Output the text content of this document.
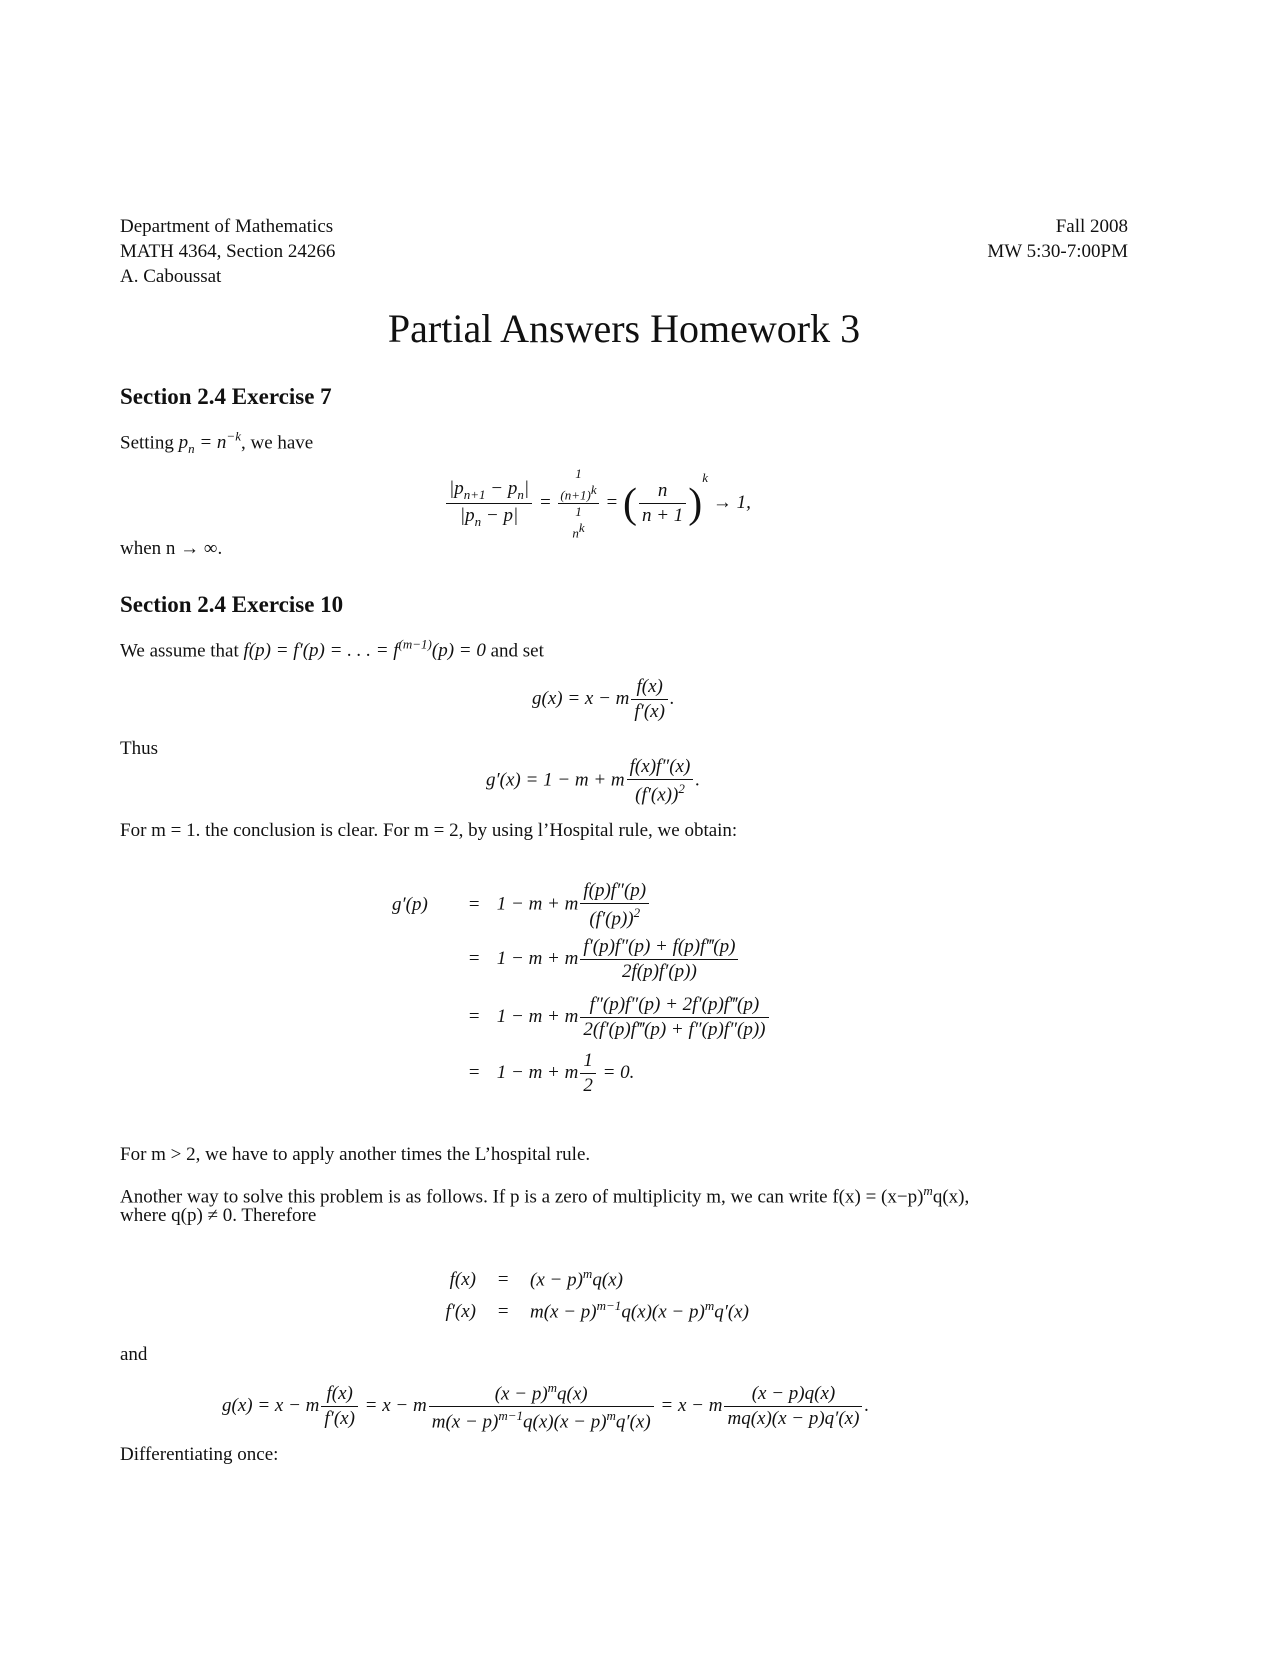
Department of Mathematics
MATH 4364, Section 24266
A. Caboussat
Fall 2008
MW 5:30-7:00PM
Partial Answers Homework 3
Section 2.4 Exercise 7
Setting $p_n = n^{-k}$, we have
$\frac{|p_{n+1} - p_n|}{|p_n - p|}$ =
1
$(n+1)^k$
1
$n^k$
= ( $\frac{n}{n + 1} )^k \to 1$,
when n → ∞.
Section 2.4 Exercise 10
We assume that f(p) = f′(p) = . . . = $f^{(m-1)}(p) = 0$ and set
g(x) = x − m $\frac{f(x)}{f'(x)}$ .
Thus
g′(x) = 1 − m + m $\frac{f(x)f''(x)}{(f'(x))^2}$ .
For m = 1. the conclusion is clear. For m = 2, by using l’Hospital rule, we obtain:
g′(p) = 1 − m + m $\frac{f(p)f''(p)}{(f'(p))^2}$
= 1 − m + m $\frac{f'(p)f''(p) + f(p)f‴(p)}{2f(p)f'(p))}$
= 1 − m + m $\frac{f''(p)f''(p) + 2f'(p)f‴(p)}{2(f'(p)f‴(p) + f''(p)f''(p))}$
= 1 − m + m $\frac{1}{2} = 0$.
For m > 2, we have to apply another times the L’hospital rule.
Another way to solve this problem is as follows. If p is a zero of multiplicity m, we can write $f(x) = (x-p)^mq(x)$,
where q(p) ≠ 0. Therefore
$f(x) = (x - p)^mq(x)$
$f'(x) = m(x - p)^{m-1}q(x)(x - p)^mq'(x)$
and
g(x) = x − m $\frac{f(x)}{f'(x)} = x - m \frac{(x - p)^mq(x)}{m(x - p)^{m-1}q(x)(x - p)^mq'(x)} = x - m \frac{(x - p)q(x)}{mq(x)(x - p)q'(x)}$ .
Differentiating once:
